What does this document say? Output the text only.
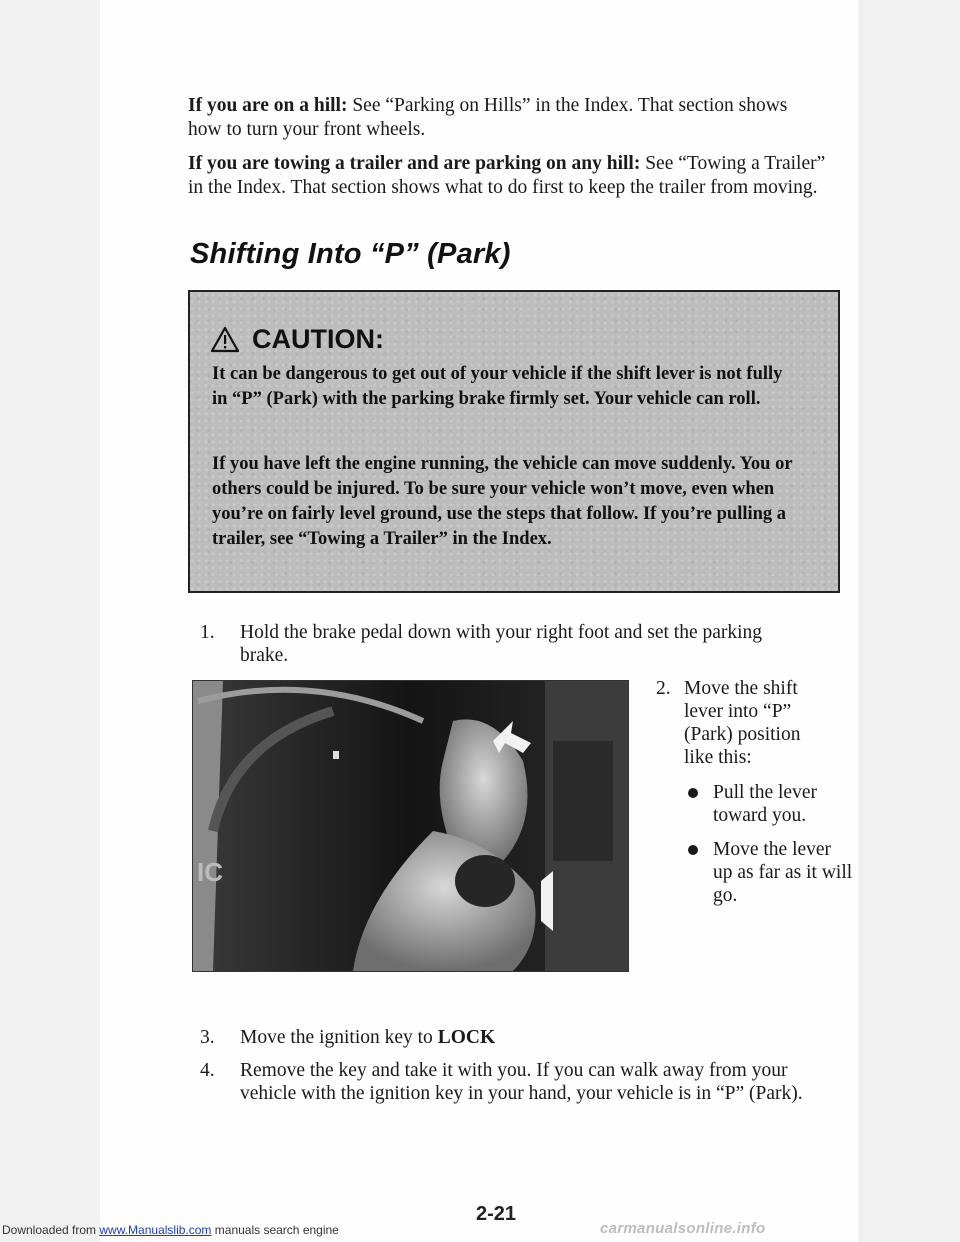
If you are on a hill: See “Parking on Hills” in the Index. That section shows how to turn your front wheels.
If you are towing a trailer and are parking on any hill: See “Towing a Trailer” in the Index. That section shows what to do first to keep the trailer from moving.
Shifting Into “P” (Park)
CAUTION:
It can be dangerous to get out of your vehicle if the shift lever is not fully in “P” (Park) with the parking brake firmly set. Your vehicle can roll.
If you have left the engine running, the vehicle can move suddenly. You or others could be injured. To be sure your vehicle won’t move, even when you’re on fairly level ground, use the steps that follow. If you’re pulling a trailer, see “Towing a Trailer” in the Index.
1. Hold the brake pedal down with your right foot and set the parking brake.
IC
2. Move the shift lever into “P” (Park) position like this:
Pull the lever toward you.
Move the lever up as far as it will go.
3. Move the ignition key to LOCK
4. Remove the key and take it with you. If you can walk away from your vehicle with the ignition key in your hand, your vehicle is in “P” (Park).
2-21
Downloaded from www.Manualslib.com manuals search engine	carmanualsonline.info
